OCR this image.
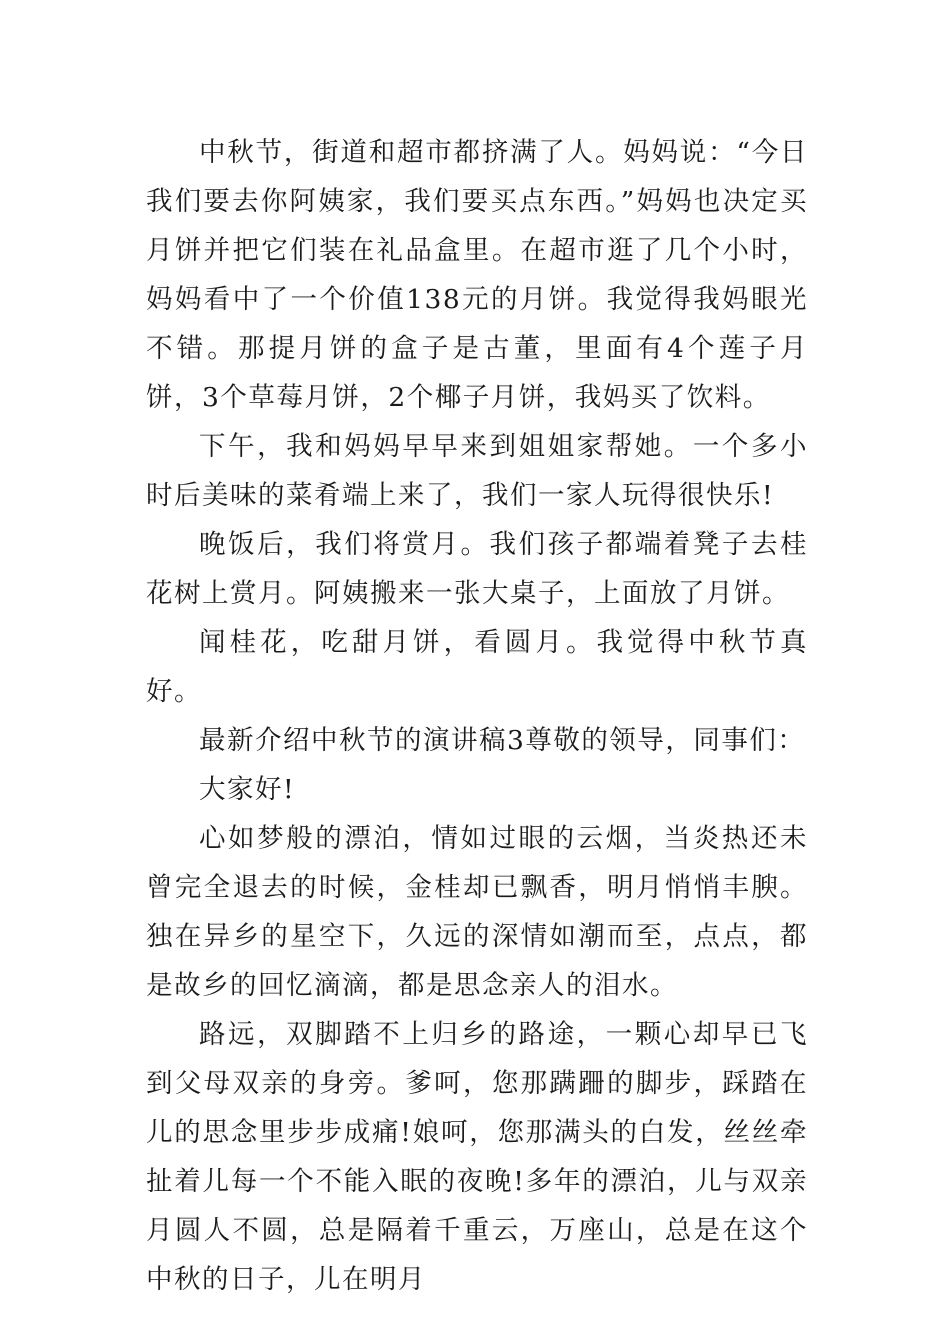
中秋节，街道和超市都挤满了人。妈妈说：“今日我们要去你阿姨家，我们要买点东西。”妈妈也决定买月饼并把它们装在礼品盒里。在超市逛了几个小时，妈妈看中了一个价值138元的月饼。我觉得我妈眼光不错。那提月饼的盒子是古董，里面有4个莲子月饼，3个草莓月饼，2个椰子月饼，我妈买了饮料。

下午，我和妈妈早早来到姐姐家帮她。一个多小时后美味的菜肴端上来了，我们一家人玩得很快乐!

晚饭后，我们将赏月。我们孩子都端着凳子去桂花树上赏月。阿姨搬来一张大桌子，上面放了月饼。

闻桂花，吃甜月饼，看圆月。我觉得中秋节真好。

最新介绍中秋节的演讲稿3尊敬的领导，同事们：

大家好!

心如梦般的漂泊，情如过眼的云烟，当炎热还未曾完全退去的时候，金桂却已飘香，明月悄悄丰腴。独在异乡的星空下，久远的深情如潮而至，点点，都是故乡的回忆滴滴，都是思念亲人的泪水。

路远，双脚踏不上归乡的路途，一颗心却早已飞到父母双亲的身旁。爹呵，您那蹒跚的脚步，踩踏在儿的思念里步步成痛!娘呵，您那满头的白发，丝丝牵扯着儿每一个不能入眠的夜晚!多年的漂泊，儿与双亲月圆人不圆，总是隔着千重云，万座山，总是在这个中秋的日子，儿在明月
